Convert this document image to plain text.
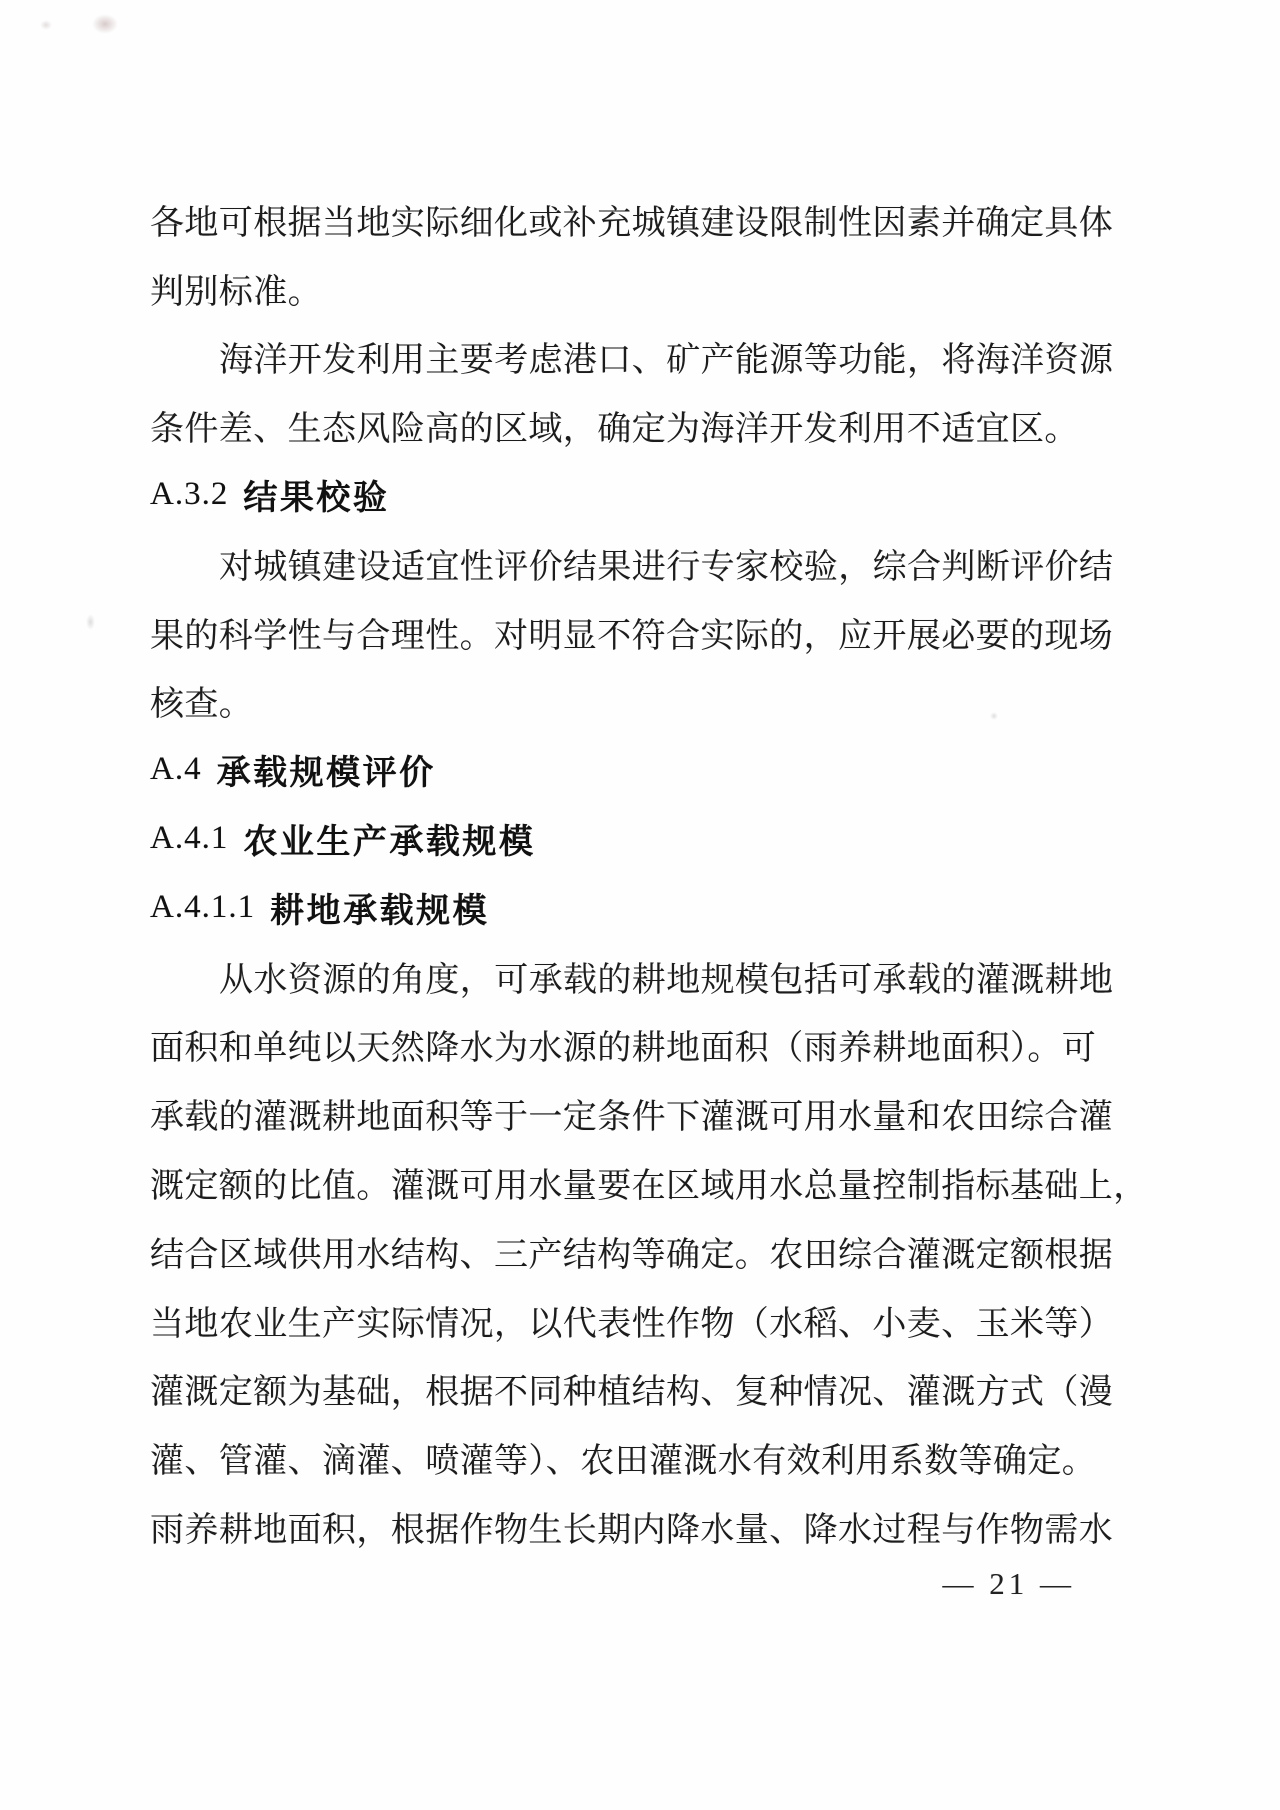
各地可根据当地实际细化或补充城镇建设限制性因素并确定具体
判别标准。
海洋开发利用主要考虑港口、矿产能源等功能，将海洋资源
条件差、生态风险高的区域，确定为海洋开发利用不适宜区。
A.3.2 结果校验
对城镇建设适宜性评价结果进行专家校验，综合判断评价结
果的科学性与合理性。对明显不符合实际的，应开展必要的现场
核查。
A.4 承载规模评价
A.4.1 农业生产承载规模
A.4.1.1 耕地承载规模
从水资源的角度，可承载的耕地规模包括可承载的灌溉耕地
面积和单纯以天然降水为水源的耕地面积（雨养耕地面积）。可
承载的灌溉耕地面积等于一定条件下灌溉可用水量和农田综合灌
溉定额的比值。灌溉可用水量要在区域用水总量控制指标基础上，
结合区域供用水结构、三产结构等确定。农田综合灌溉定额根据
当地农业生产实际情况，以代表性作物（水稻、小麦、玉米等）
灌溉定额为基础，根据不同种植结构、复种情况、灌溉方式（漫
灌、管灌、滴灌、喷灌等）、农田灌溉水有效利用系数等确定。
雨养耕地面积，根据作物生长期内降水量、降水过程与作物需水
— 21 —
